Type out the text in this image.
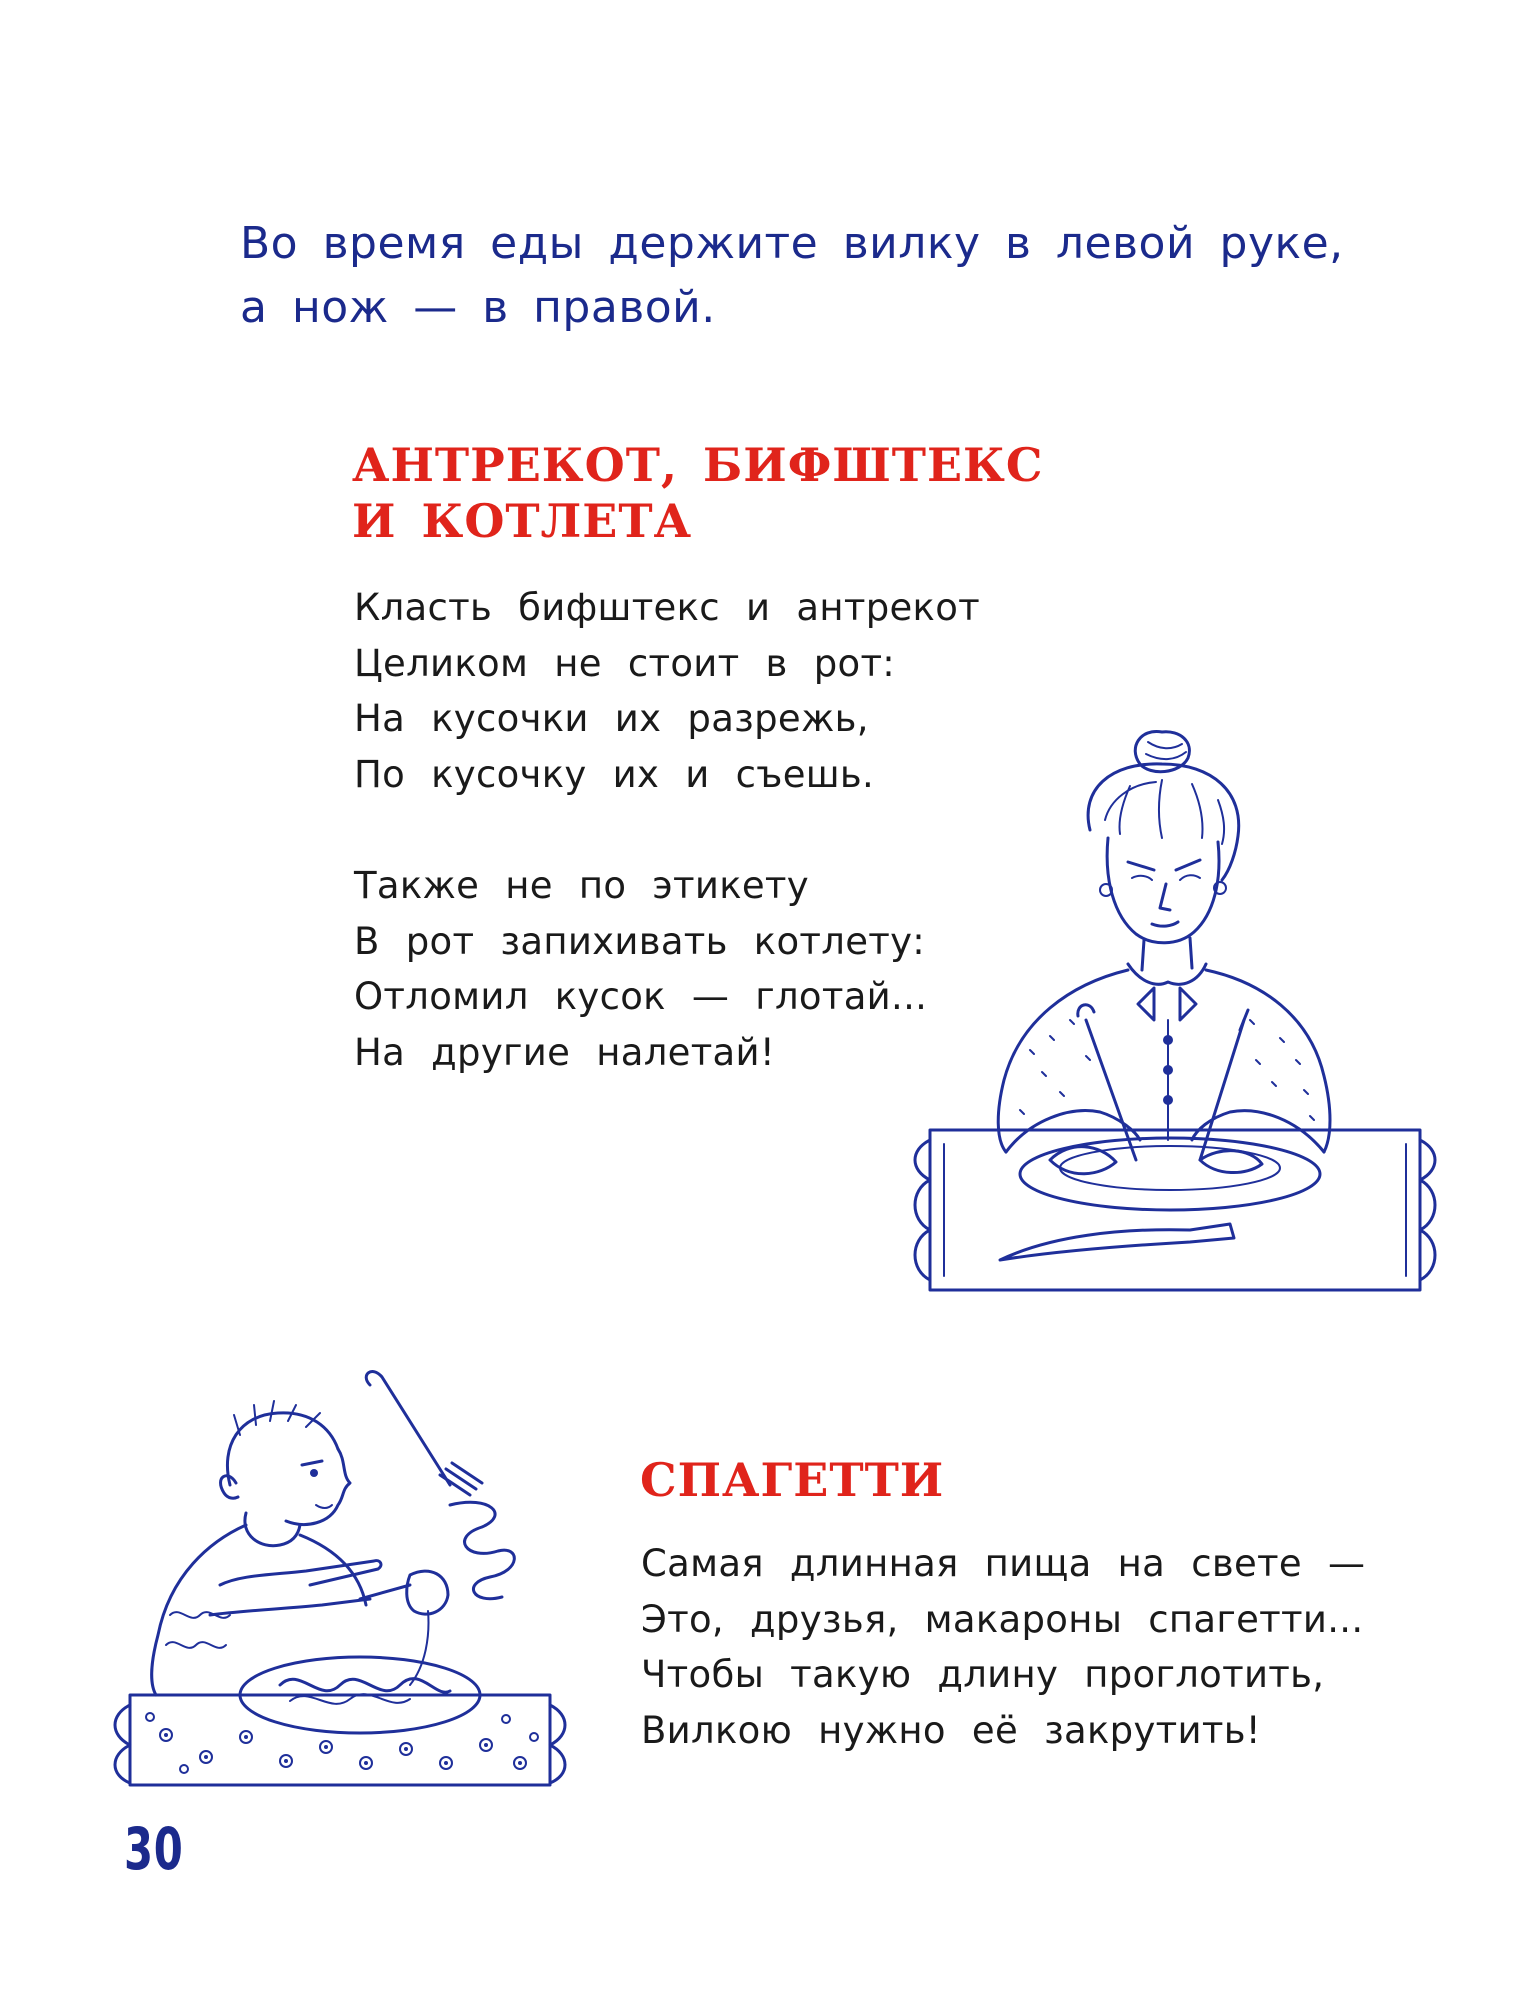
Во время еды держите вилку в левой руке,
а нож — в правой.
АНТРЕКОТ, БИФШТЕКС
И КОТЛЕТА
Класть бифштекс и антрекот
Целиком не стоит в рот:
На кусочки их разрежь,
По кусочку их и съешь.
Также не по этикету
В рот запихивать котлету:
Отломил кусок — глотай...
На другие налетай!
СПАГЕТТИ
Самая длинная пища на свете —
Это, друзья, макароны спагетти...
Чтобы такую длину проглотить,
Вилкою нужно её закрутить!
30
